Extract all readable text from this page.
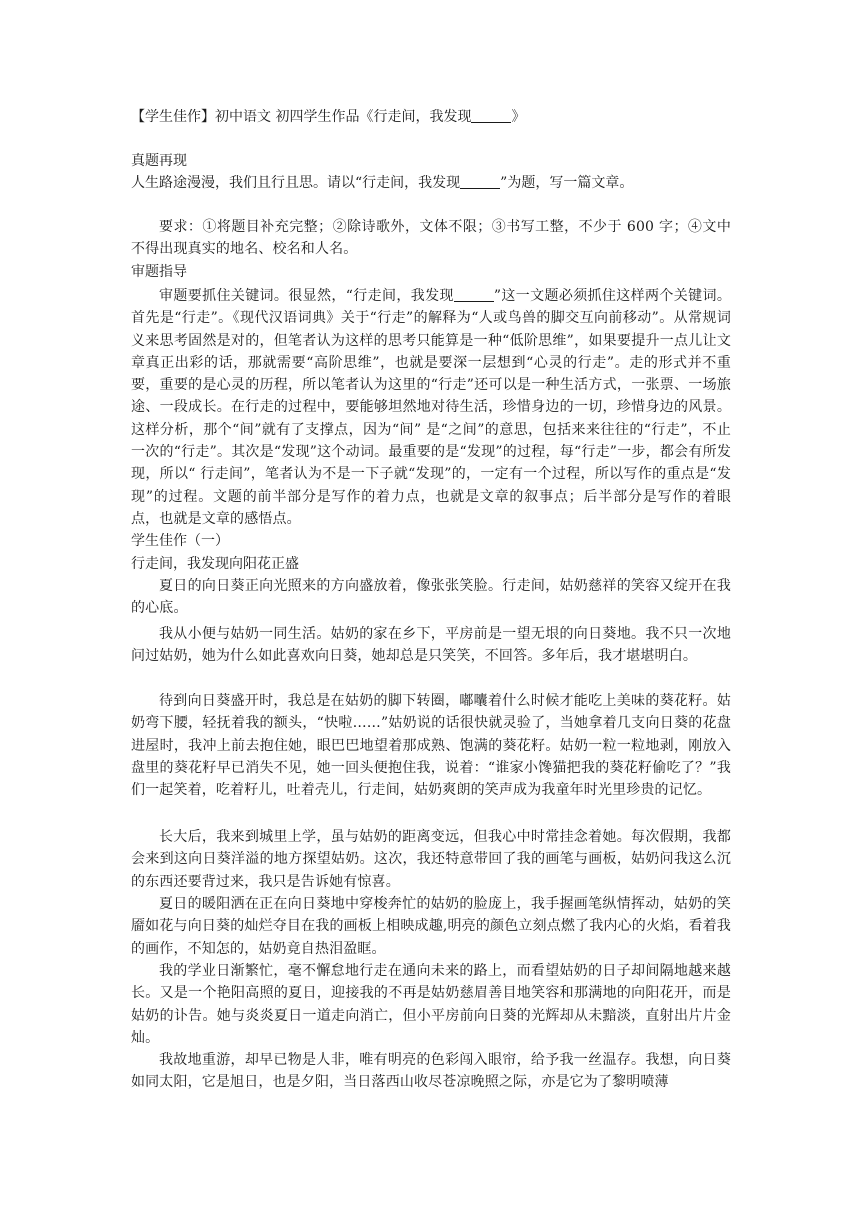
【学生佳作】初中语文 初四学生作品《行走间，我发现	》
真题再现
人生路途漫漫，我们且行且思。请以“行走间，我发现	”为题，写一篇文章。
要求：①将题目补充完整；②除诗歌外，文体不限；③书写工整，不少于 600 字；④文中不得出现真实的地名、校名和人名。
审题指导
审题要抓住关键词。很显然，“行走间，我发现	”这一文题必须抓住这样两个关键词。首先是“行走”。《现代汉语词典》关于“行走”的解释为“人或鸟兽的脚交互向前移动”。从常规词义来思考固然是对的，但笔者认为这样的思考只能算是一种“低阶思维”，如果要提升一点儿让文章真正出彩的话，那就需要“高阶思维”，也就是要深一层想到“心灵的行走”。走的形式并不重要，重要的是心灵的历程，所以笔者认为这里的“行走”还可以是一种生活方式，一张票、一场旅途、一段成长。在行走的过程中，要能够坦然地对待生活，珍惜身边的一切，珍惜身边的风景。这样分析，那个“间”就有了支撑点，因为“间” 是“之间”的意思，包括来来往往的“行走”，不止一次的“行走”。其次是“发现”这个动词。最重要的是“发现”的过程，每“行走”一步，都会有所发现，所以“ 行走间”，笔者认为不是一下子就“发现”的，一定有一个过程，所以写作的重点是“发现”的过程。文题的前半部分是写作的着力点，也就是文章的叙事点；后半部分是写作的着眼点，也就是文章的感悟点。
学生佳作（一）
行走间，我发现向阳花正盛
夏日的向日葵正向光照来的方向盛放着，像张张笑脸。行走间，姑奶慈祥的笑容又绽开在我的心底。
我从小便与姑奶一同生活。姑奶的家在乡下，平房前是一望无垠的向日葵地。我不只一次地问过姑奶，她为什么如此喜欢向日葵，她却总是只笑笑，不回答。多年后，我才堪堪明白。
待到向日葵盛开时，我总是在姑奶的脚下转圈，嘟囔着什么时候才能吃上美味的葵花籽。姑奶弯下腰，轻抚着我的额头，“快啦……”姑奶说的话很快就灵验了，当她拿着几支向日葵的花盘进屋时，我冲上前去抱住她，眼巴巴地望着那成熟、饱满的葵花籽。姑奶一粒一粒地剥，刚放入盘里的葵花籽早已消失不见，她一回头便抱住我，说着：“谁家小馋猫把我的葵花籽偷吃了？”我们一起笑着，吃着籽儿，吐着壳儿，行走间，姑奶爽朗的笑声成为我童年时光里珍贵的记忆。
长大后，我来到城里上学，虽与姑奶的距离变远，但我心中时常挂念着她。每次假期，我都会来到这向日葵洋溢的地方探望姑奶。这次，我还特意带回了我的画笔与画板，姑奶问我这么沉的东西还要背过来，我只是告诉她有惊喜。
夏日的暖阳洒在正在向日葵地中穿梭奔忙的姑奶的脸庞上，我手握画笔纵情挥动，姑奶的笑靥如花与向日葵的灿烂夺目在我的画板上相映成趣,明亮的颜色立刻点燃了我内心的火焰，看着我的画作，不知怎的，姑奶竟自热泪盈眶。
我的学业日渐繁忙，毫不懈怠地行走在通向未来的路上，而看望姑奶的日子却间隔地越来越长。又是一个艳阳高照的夏日，迎接我的不再是姑奶慈眉善目地笑容和那满地的向阳花开，而是姑奶的讣告。她与炎炎夏日一道走向消亡，但小平房前向日葵的光辉却从未黯淡，直射出片片金灿。
我故地重游，却早已物是人非，唯有明亮的色彩闯入眼帘，给予我一丝温存。我想，向日葵如同太阳，它是旭日，也是夕阳，当日落西山收尽苍凉晚照之际，亦是它为了黎明喷薄
